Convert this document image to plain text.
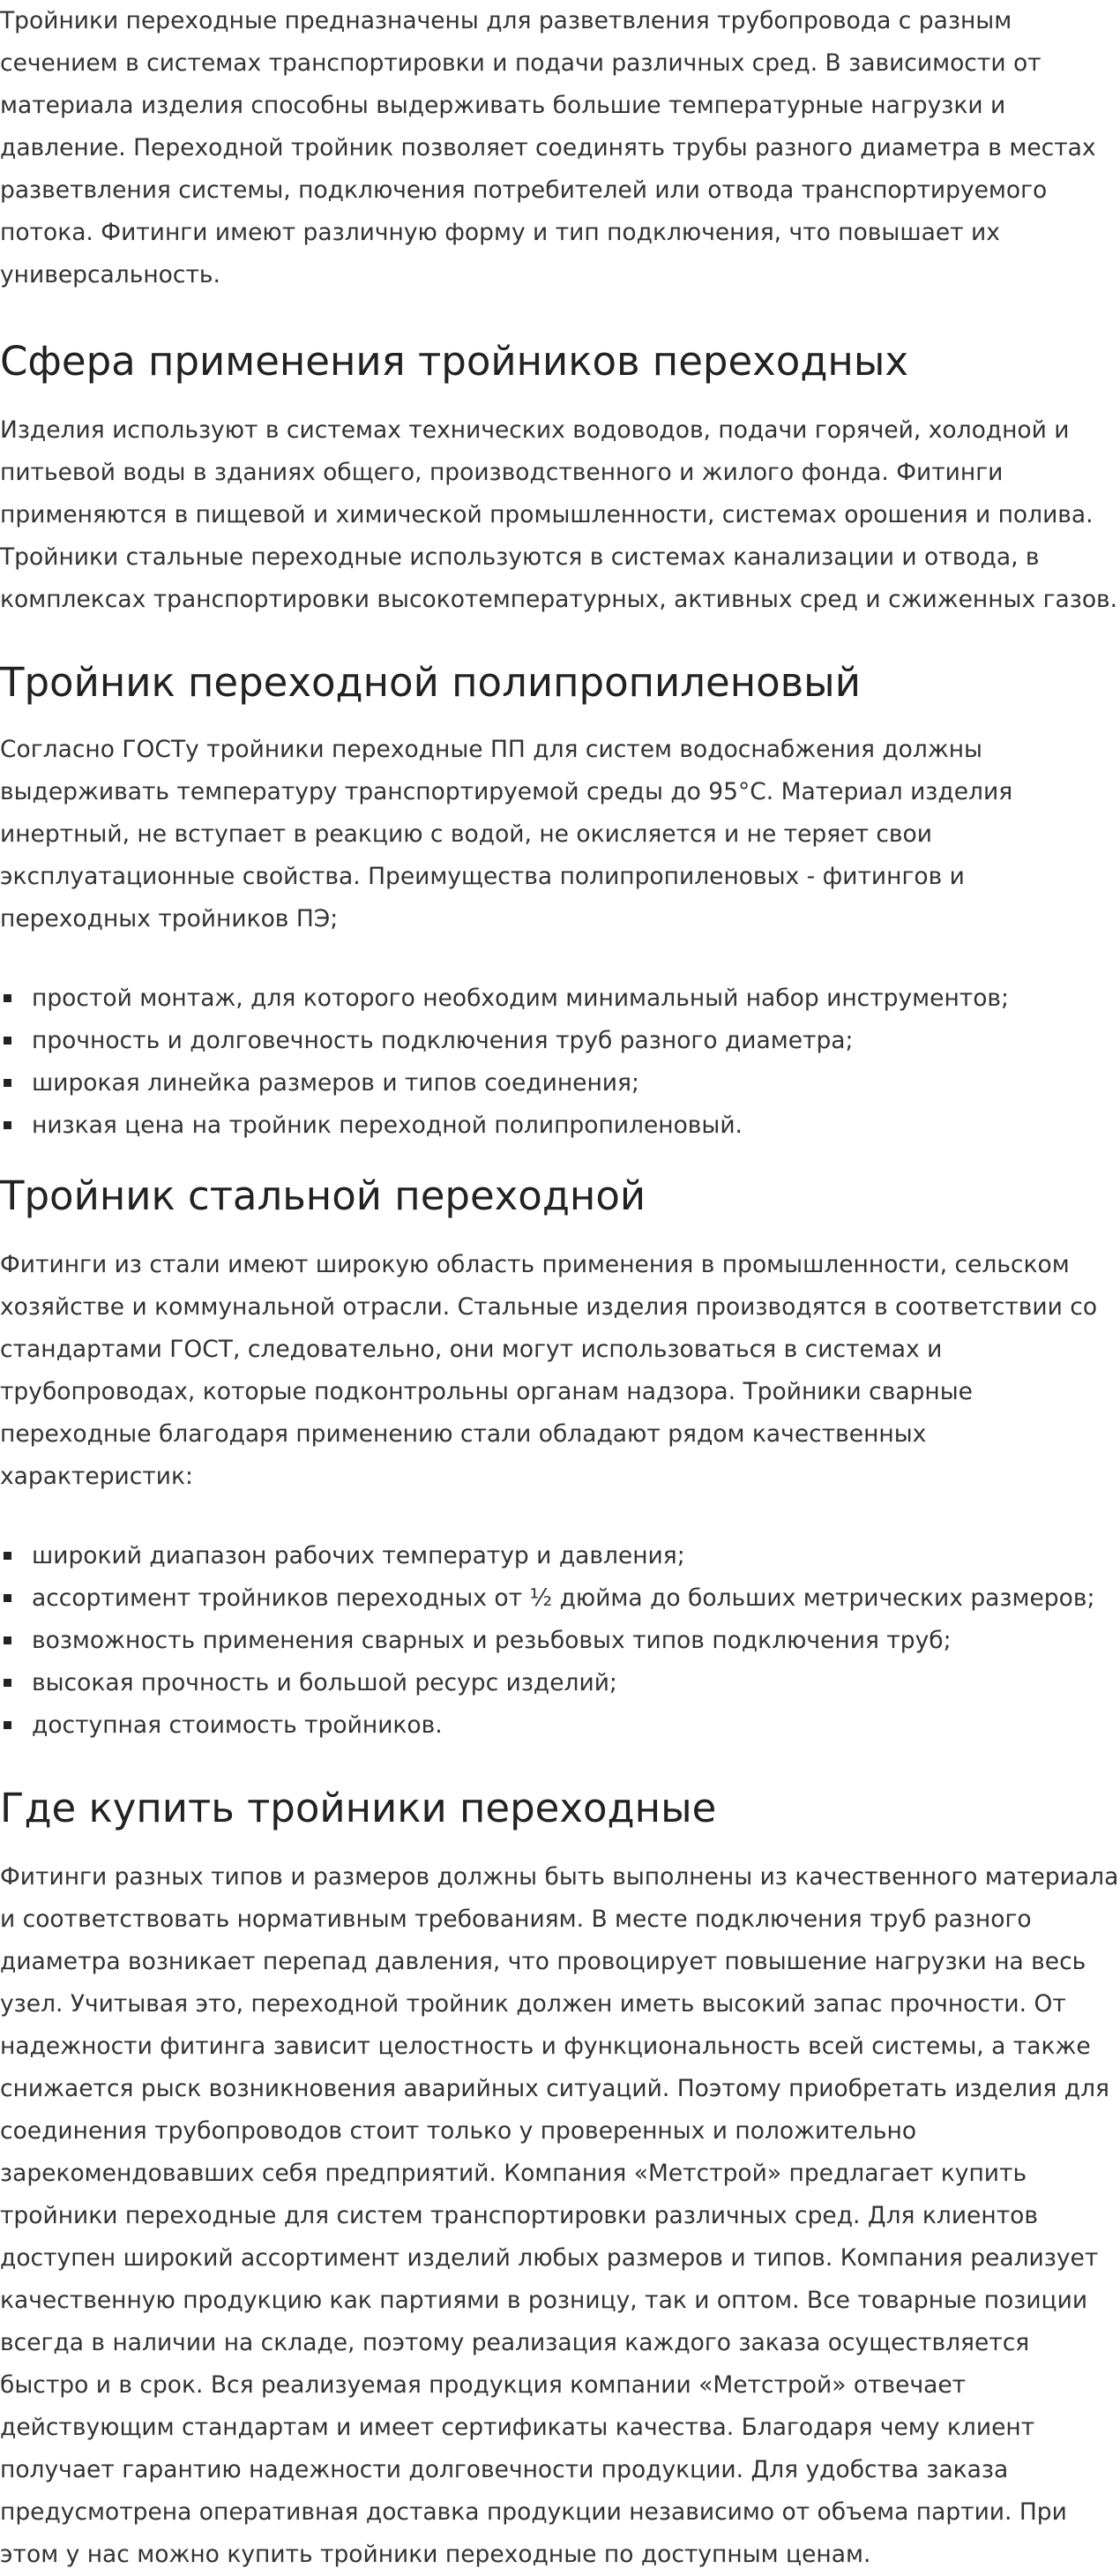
Тройники переходные предназначены для разветвления трубопровода с разным сечением в системах транспортировки и подачи различных сред. В зависимости от материала изделия способны выдерживать большие температурные нагрузки и давление. Переходной тройник позволяет соединять трубы разного диаметра в местах разветвления системы, подключения потребителей или отвода транспортируемого потока. Фитинги имеют различную форму и тип подключения, что повышает их универсальность.

Сфера применения тройников переходных

Изделия используют в системах технических водоводов, подачи горячей, холодной и питьевой воды в зданиях общего, производственного и жилого фонда. Фитинги применяются в пищевой и химической промышленности, системах орошения и полива. Тройники стальные переходные используются в системах канализации и отвода, в комплексах транспортировки высокотемпературных, активных сред и сжиженных газов.

Тройник переходной полипропиленовый

Согласно ГОСТу тройники переходные ПП для систем водоснабжения должны выдерживать температуру транспортируемой среды до 95°C. Материал изделия инертный, не вступает в реакцию с водой, не окисляется и не теряет свои эксплуатационные свойства. Преимущества полипропиленовых - фитингов и переходных тройников ПЭ;

простой монтаж, для которого необходим минимальный набор инструментов;
прочность и долговечность подключения труб разного диаметра;
широкая линейка размеров и типов соединения;
низкая цена на тройник переходной полипропиленовый.
Тройник стальной переходной

Фитинги из стали имеют широкую область применения в промышленности, сельском хозяйстве и коммунальной отрасли. Стальные изделия производятся в соответствии со стандартами ГОСТ, следовательно, они могут использоваться в системах и трубопроводах, которые подконтрольны органам надзора. Тройники сварные переходные благодаря применению стали обладают рядом качественных характеристик:

широкий диапазон рабочих температур и давления;
ассортимент тройников переходных от ½ дюйма до больших метрических размеров;
возможность применения сварных и резьбовых типов подключения труб;
высокая прочность и большой ресурс изделий;
доступная стоимость тройников.
Где купить тройники переходные

Фитинги разных типов и размеров должны быть выполнены из качественного материала и соответствовать нормативным требованиям. В месте подключения труб разного диаметра возникает перепад давления, что провоцирует повышение нагрузки на весь узел. Учитывая это, переходной тройник должен иметь высокий запас прочности. От надежности фитинга зависит целостность и функциональность всей системы, а также снижается рыск возникновения аварийных ситуаций. Поэтому приобретать изделия для соединения трубопроводов стоит только у проверенных и положительно зарекомендовавших себя предприятий. Компания «Метстрой» предлагает купить тройники переходные для систем транспортировки различных сред. Для клиентов доступен широкий ассортимент изделий любых размеров и типов. Компания реализует качественную продукцию как партиями в розницу, так и оптом. Все товарные позиции всегда в наличии на складе, поэтому реализация каждого заказа осуществляется быстро и в срок. Вся реализуемая продукция компании «Метстрой» отвечает действующим стандартам и имеет сертификаты качества. Благодаря чему клиент получает гарантию надежности долговечности продукции. Для удобства заказа предусмотрена оперативная доставка продукции независимо от объема партии. При этом у нас можно купить тройники переходные по доступным ценам.
